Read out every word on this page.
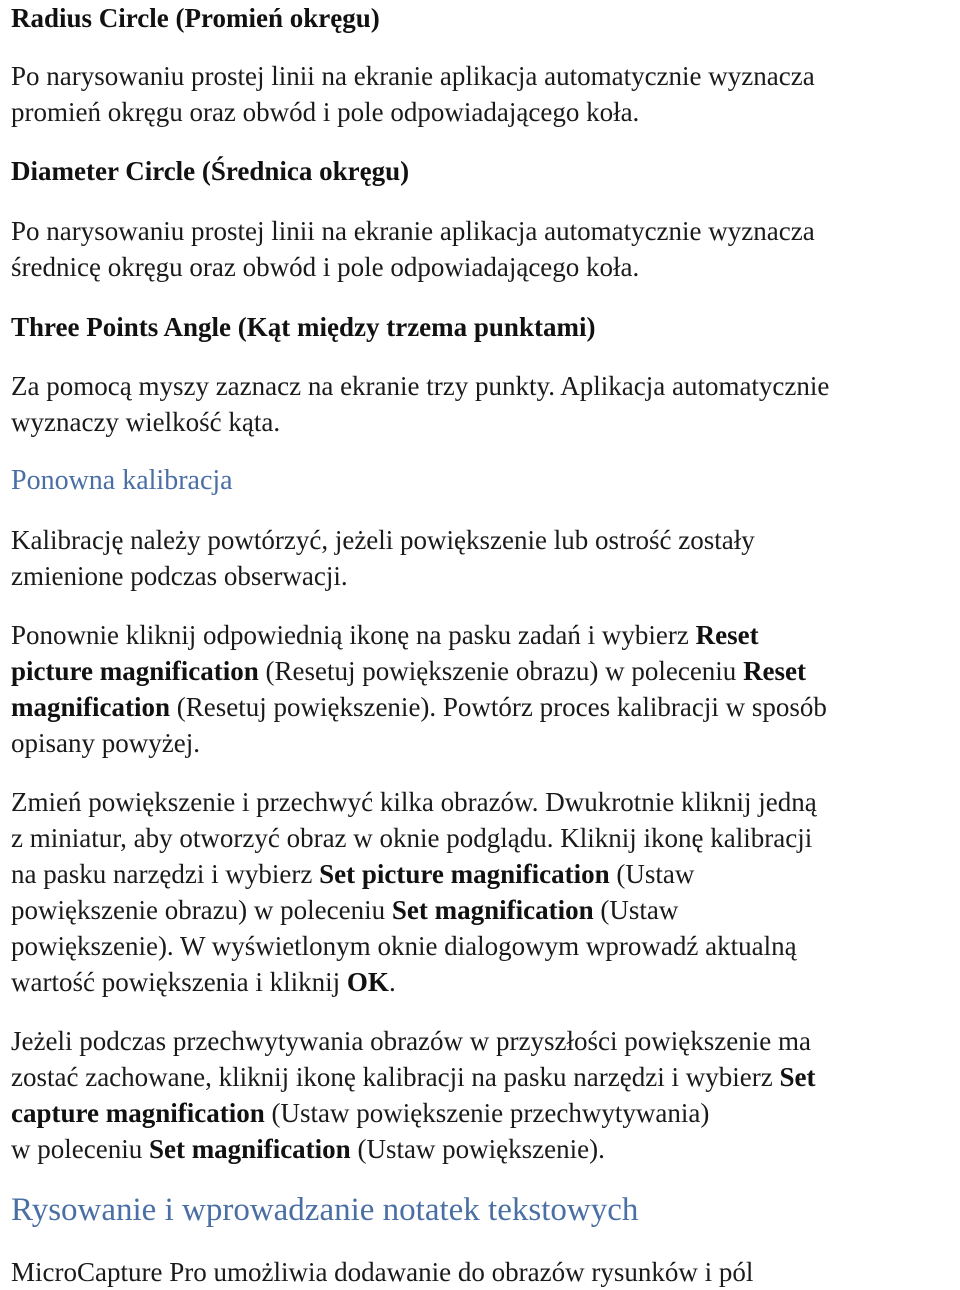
Radius Circle (Promień okręgu)

Po narysowaniu prostej linii na ekranie aplikacja automatycznie wyznacza
promień okręgu oraz obwód i pole odpowiadającego koła.

Diameter Circle (Średnica okręgu)

Po narysowaniu prostej linii na ekranie aplikacja automatycznie wyznacza
średnicę okręgu oraz obwód i pole odpowiadającego koła.

Three Points Angle (Kąt między trzema punktami)

Za pomocą myszy zaznacz na ekranie trzy punkty. Aplikacja automatycznie
wyznaczy wielkość kąta.

Ponowna kalibracja

Kalibrację należy powtórzyć, jeżeli powiększenie lub ostrość zostały
zmienione podczas obserwacji.

Ponownie kliknij odpowiednią ikonę na pasku zadań i wybierz Reset
picture magnification (Resetuj powiększenie obrazu) w poleceniu Reset
magnification (Resetuj powiększenie). Powtórz proces kalibracji w sposób
opisany powyżej.

Zmień powiększenie i przechwyć kilka obrazów. Dwukrotnie kliknij jedną
z miniatur, aby otworzyć obraz w oknie podglądu. Kliknij ikonę kalibracji
na pasku narzędzi i wybierz Set picture magnification (Ustaw
powiększenie obrazu) w poleceniu Set magnification (Ustaw
powiększenie). W wyświetlonym oknie dialogowym wprowadź aktualną
wartość powiększenia i kliknij OK.

Jeżeli podczas przechwytywania obrazów w przyszłości powiększenie ma
zostać zachowane, kliknij ikonę kalibracji na pasku narzędzi i wybierz Set
capture magnification (Ustaw powiększenie przechwytywania)
w poleceniu Set magnification (Ustaw powiększenie).

Rysowanie i wprowadzanie notatek tekstowych

MicroCapture Pro umożliwia dodawanie do obrazów rysunków i pól
